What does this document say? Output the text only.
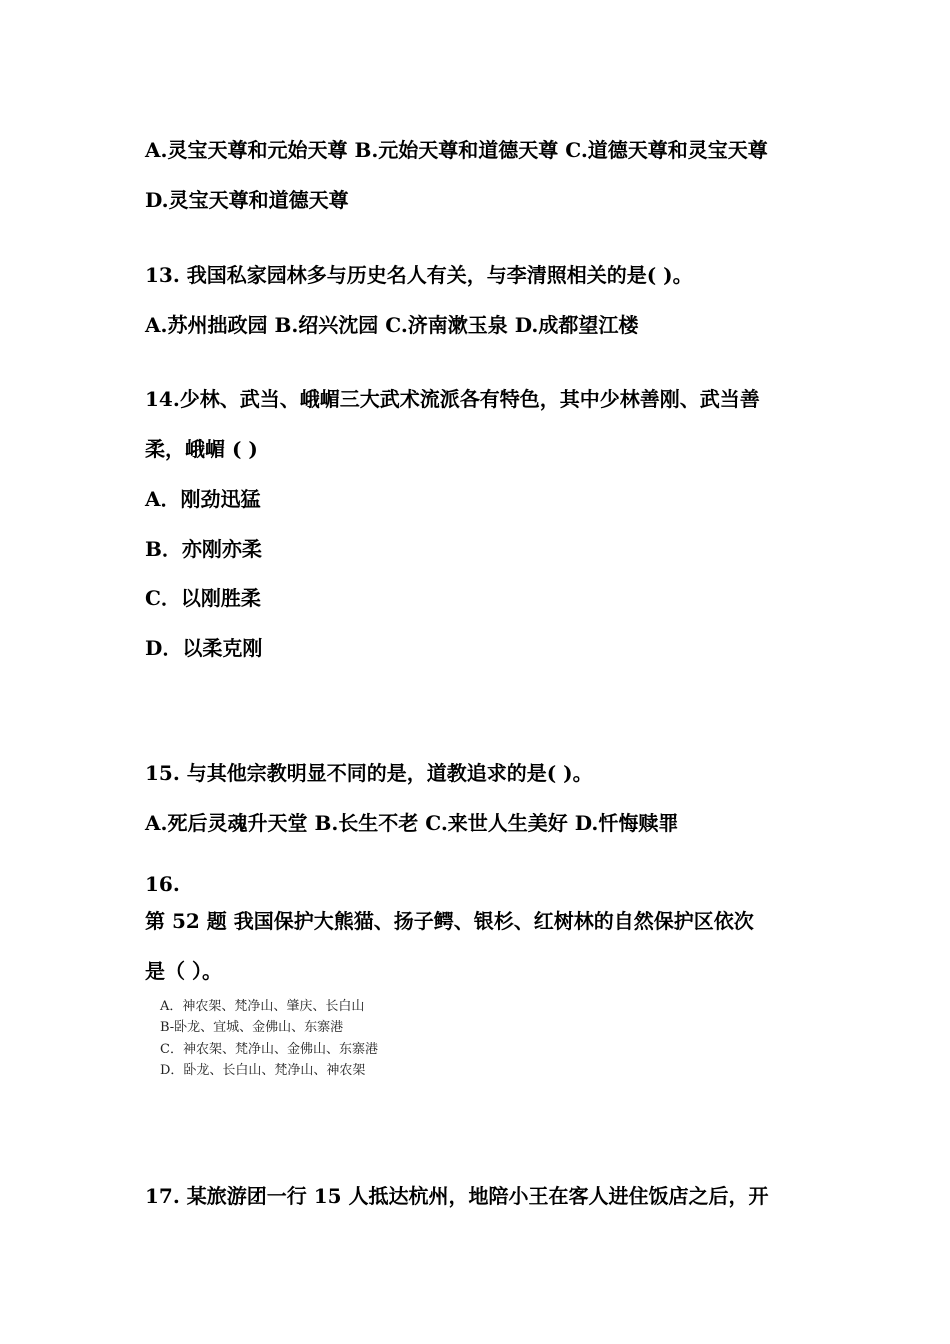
A.灵宝天尊和元始天尊 B.元始天尊和道德天尊 C.道德天尊和灵宝天尊
D.灵宝天尊和道德天尊
13. 我国私家园林多与历史名人有关，与李清照相关的是( )。
A.苏州拙政园 B.绍兴沈园 C.济南漱玉泉 D.成都望江楼
14.少林、武当、峨嵋三大武术流派各有特色，其中少林善刚、武当善
柔，峨嵋 ( )
A．刚劲迅猛
B．亦刚亦柔
C．以刚胜柔
D．以柔克刚
15. 与其他宗教明显不同的是，道教追求的是( )。
A.死后灵魂升天堂 B.长生不老 C.来世人生美好 D.忏悔赎罪
16.
第 52 题 我国保护大熊猫、扬子鳄、银杉、红树林的自然保护区依次
是（ ）。
A．神农架、梵净山、肇庆、长白山
B-卧龙、宜城、金佛山、东寨港
C．神农架、梵净山、金佛山、东寨港
D．卧龙、长白山、梵净山、神农架
17. 某旅游团一行 15 人抵达杭州，地陪小王在客人进住饭店之后，开
